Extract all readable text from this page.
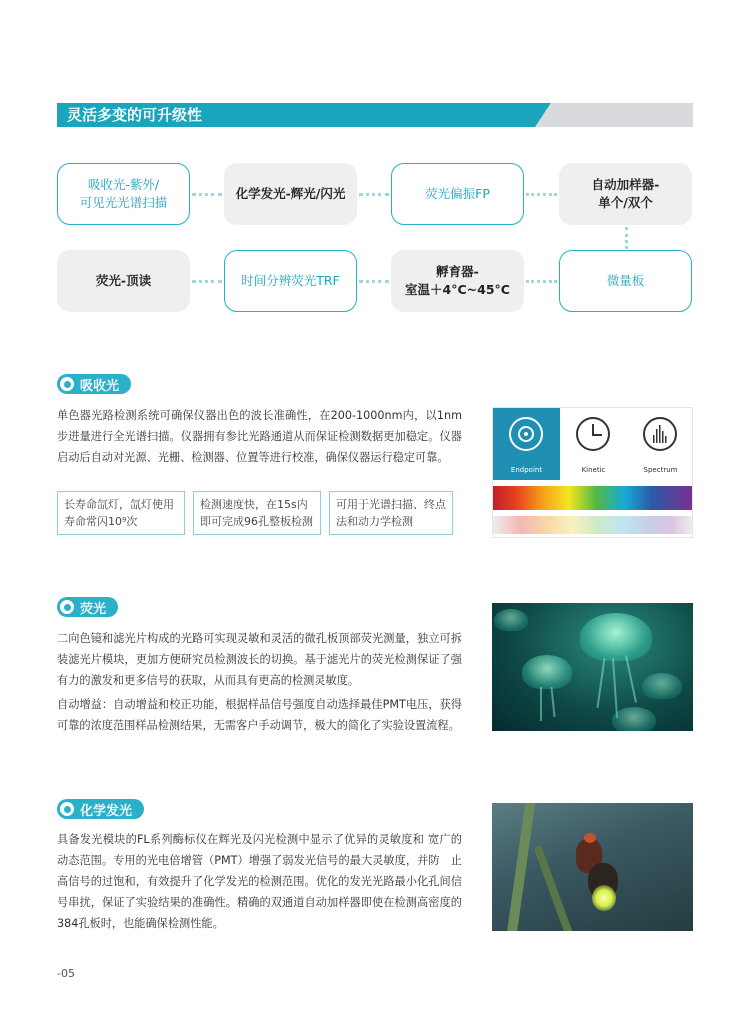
灵活多变的可升级性
吸收光-紫外/
可见光光谱扫描
化学发光-辉光/闪光	荧光偏振FP
自动加样器-
单个/双个
荧光-顶读	时间分辨荧光TRF
孵育器-
室温＋4°C~45°C
微量板
吸收光
单色器光路检测系统可确保仪器出色的波长准确性，在200-1000nm内，以1nm步进量进行全光谱扫描。仪器拥有参比光路通道从而保证检测数据更加稳定。仪器启动后自动对光源、光栅、检测器、位置等进行校准，确保仪器运行稳定可靠。
长寿命氙灯，氙灯使用寿命常闪10⁹次
检测速度快，在15s内即可完成96孔整板检测
可用于光谱扫描、终点法和动力学检测
Endpoint	Kinetic	Spectrum
荧光
二向色镜和滤光片构成的光路可实现灵敏和灵活的微孔板顶部荧光测量，独立可拆装滤光片模块，更加方便研究员检测波长的切换。基于滤光片的荧光检测保证了强有力的激发和更多信号的获取，从而具有更高的检测灵敏度。
自动增益：自动增益和校正功能，根据样品信号强度自动选择最佳PMT电压，获得可靠的浓度范围样品检测结果，无需客户手动调节，极大的简化了实验设置流程。
化学发光
具备发光模块的FL系列酶标仪在辉光及闪光检测中显示了优异的灵敏度和 宽广的动态范围。专用的光电倍增管（PMT）增强了弱发光信号的最大灵敏度，并防　止高信号的过饱和，有效提升了化学发光的检测范围。优化的发光光路最小化孔间信号串扰，保证了实验结果的准确性。精确的双通道自动加样器即使在检测高密度的384孔板时，也能确保检测性能。
-05
